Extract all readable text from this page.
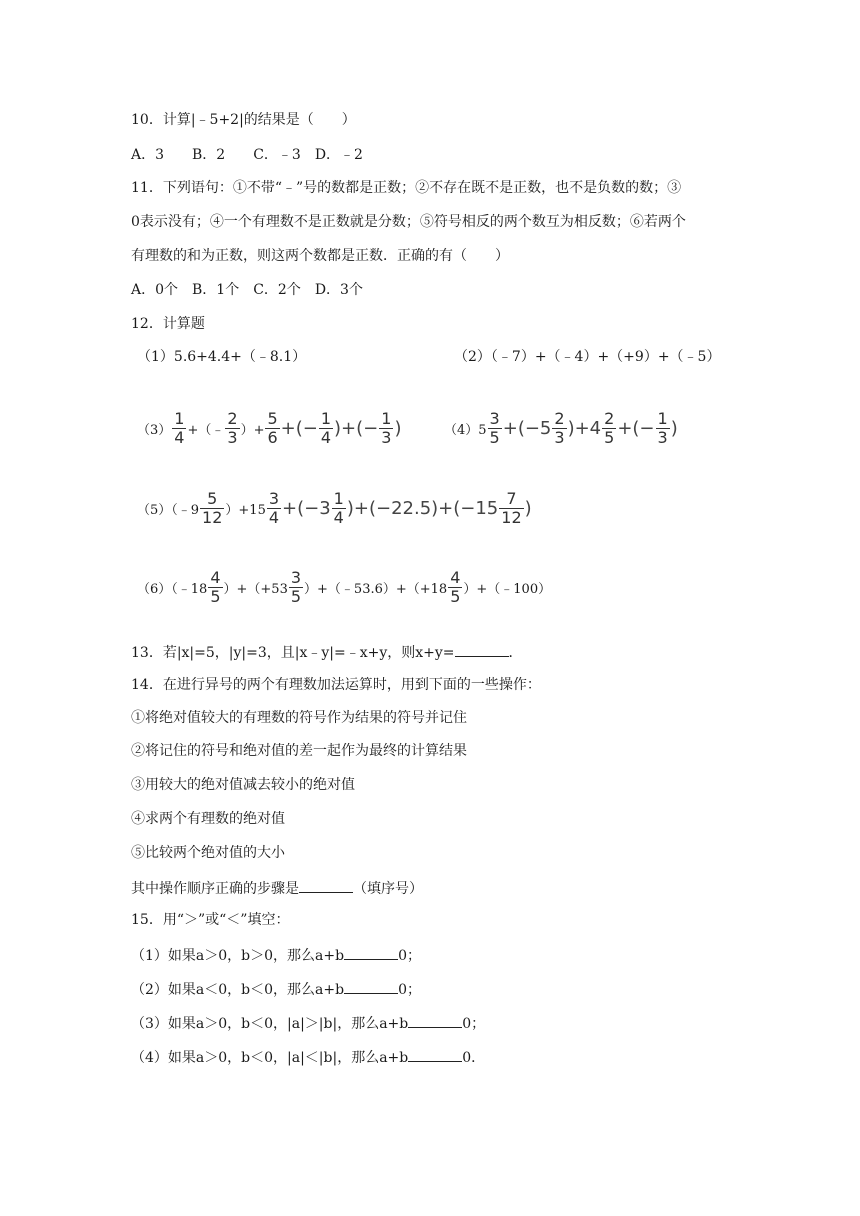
10．计算|﹣5+2|的结果是（　　）
A．3　　B．2　　C．﹣3　D．﹣2
11．下列语句：①不带“﹣”号的数都是正数；②不存在既不是正数，也不是负数的数；③
0表示没有；④一个有理数不是正数就是分数；⑤符号相反的两个数互为相反数；⑥若两个
有理数的和为正数，则这两个数都是正数．正确的有（　　）
A．0个　B．1个　C．2个　D．3个
12．计算题
（1）5.6+4.4+（﹣8.1）	（2）（﹣7）+（﹣4）+（+9）+（﹣5）
$(3) \frac{1}{4}$ +（﹣ $\frac{2}{3}$ ）+ $\frac{5}{6}$ +(− $\frac{1}{4}$ )+(− $\frac{1}{3}$ )	$(4)5 \frac{3}{5} +(-5 \frac{2}{3} )+4 \frac{2}{5}$ +(− $\frac{1}{3}$ )
（5）（﹣9 $\frac{5}{12} )+15 \frac{3}{4} +(-3 \frac{1}{4} )+(-22.5)+(-15 \frac{7}{12}$ )
（6）（﹣18 $\frac{4}{5} )+(+53 \frac{3}{5}$ ）+（﹣53.6）+（+18 $\frac{4}{5}$ ）+（﹣100）
13．若|x|=5，|y|=3，且|x﹣y|=﹣x+y，则x+y=	．
14．在进行异号的两个有理数加法运算时，用到下面的一些操作：
①将绝对值较大的有理数的符号作为结果的符号并记住
②将记住的符号和绝对值的差一起作为最终的计算结果
③用较大的绝对值减去较小的绝对值
④求两个有理数的绝对值
⑤比较两个绝对值的大小
其中操作顺序正确的步骤是	（填序号）
15．用“＞”或“＜”填空：
（1）如果a＞0，b＞0，那么a+b	0；
（2）如果a＜0，b＜0，那么a+b	0；
（3）如果a＞0，b＜0，|a|＞|b|，那么a+b	0；
（4）如果a＞0，b＜0，|a|＜|b|，那么a+b	0．
